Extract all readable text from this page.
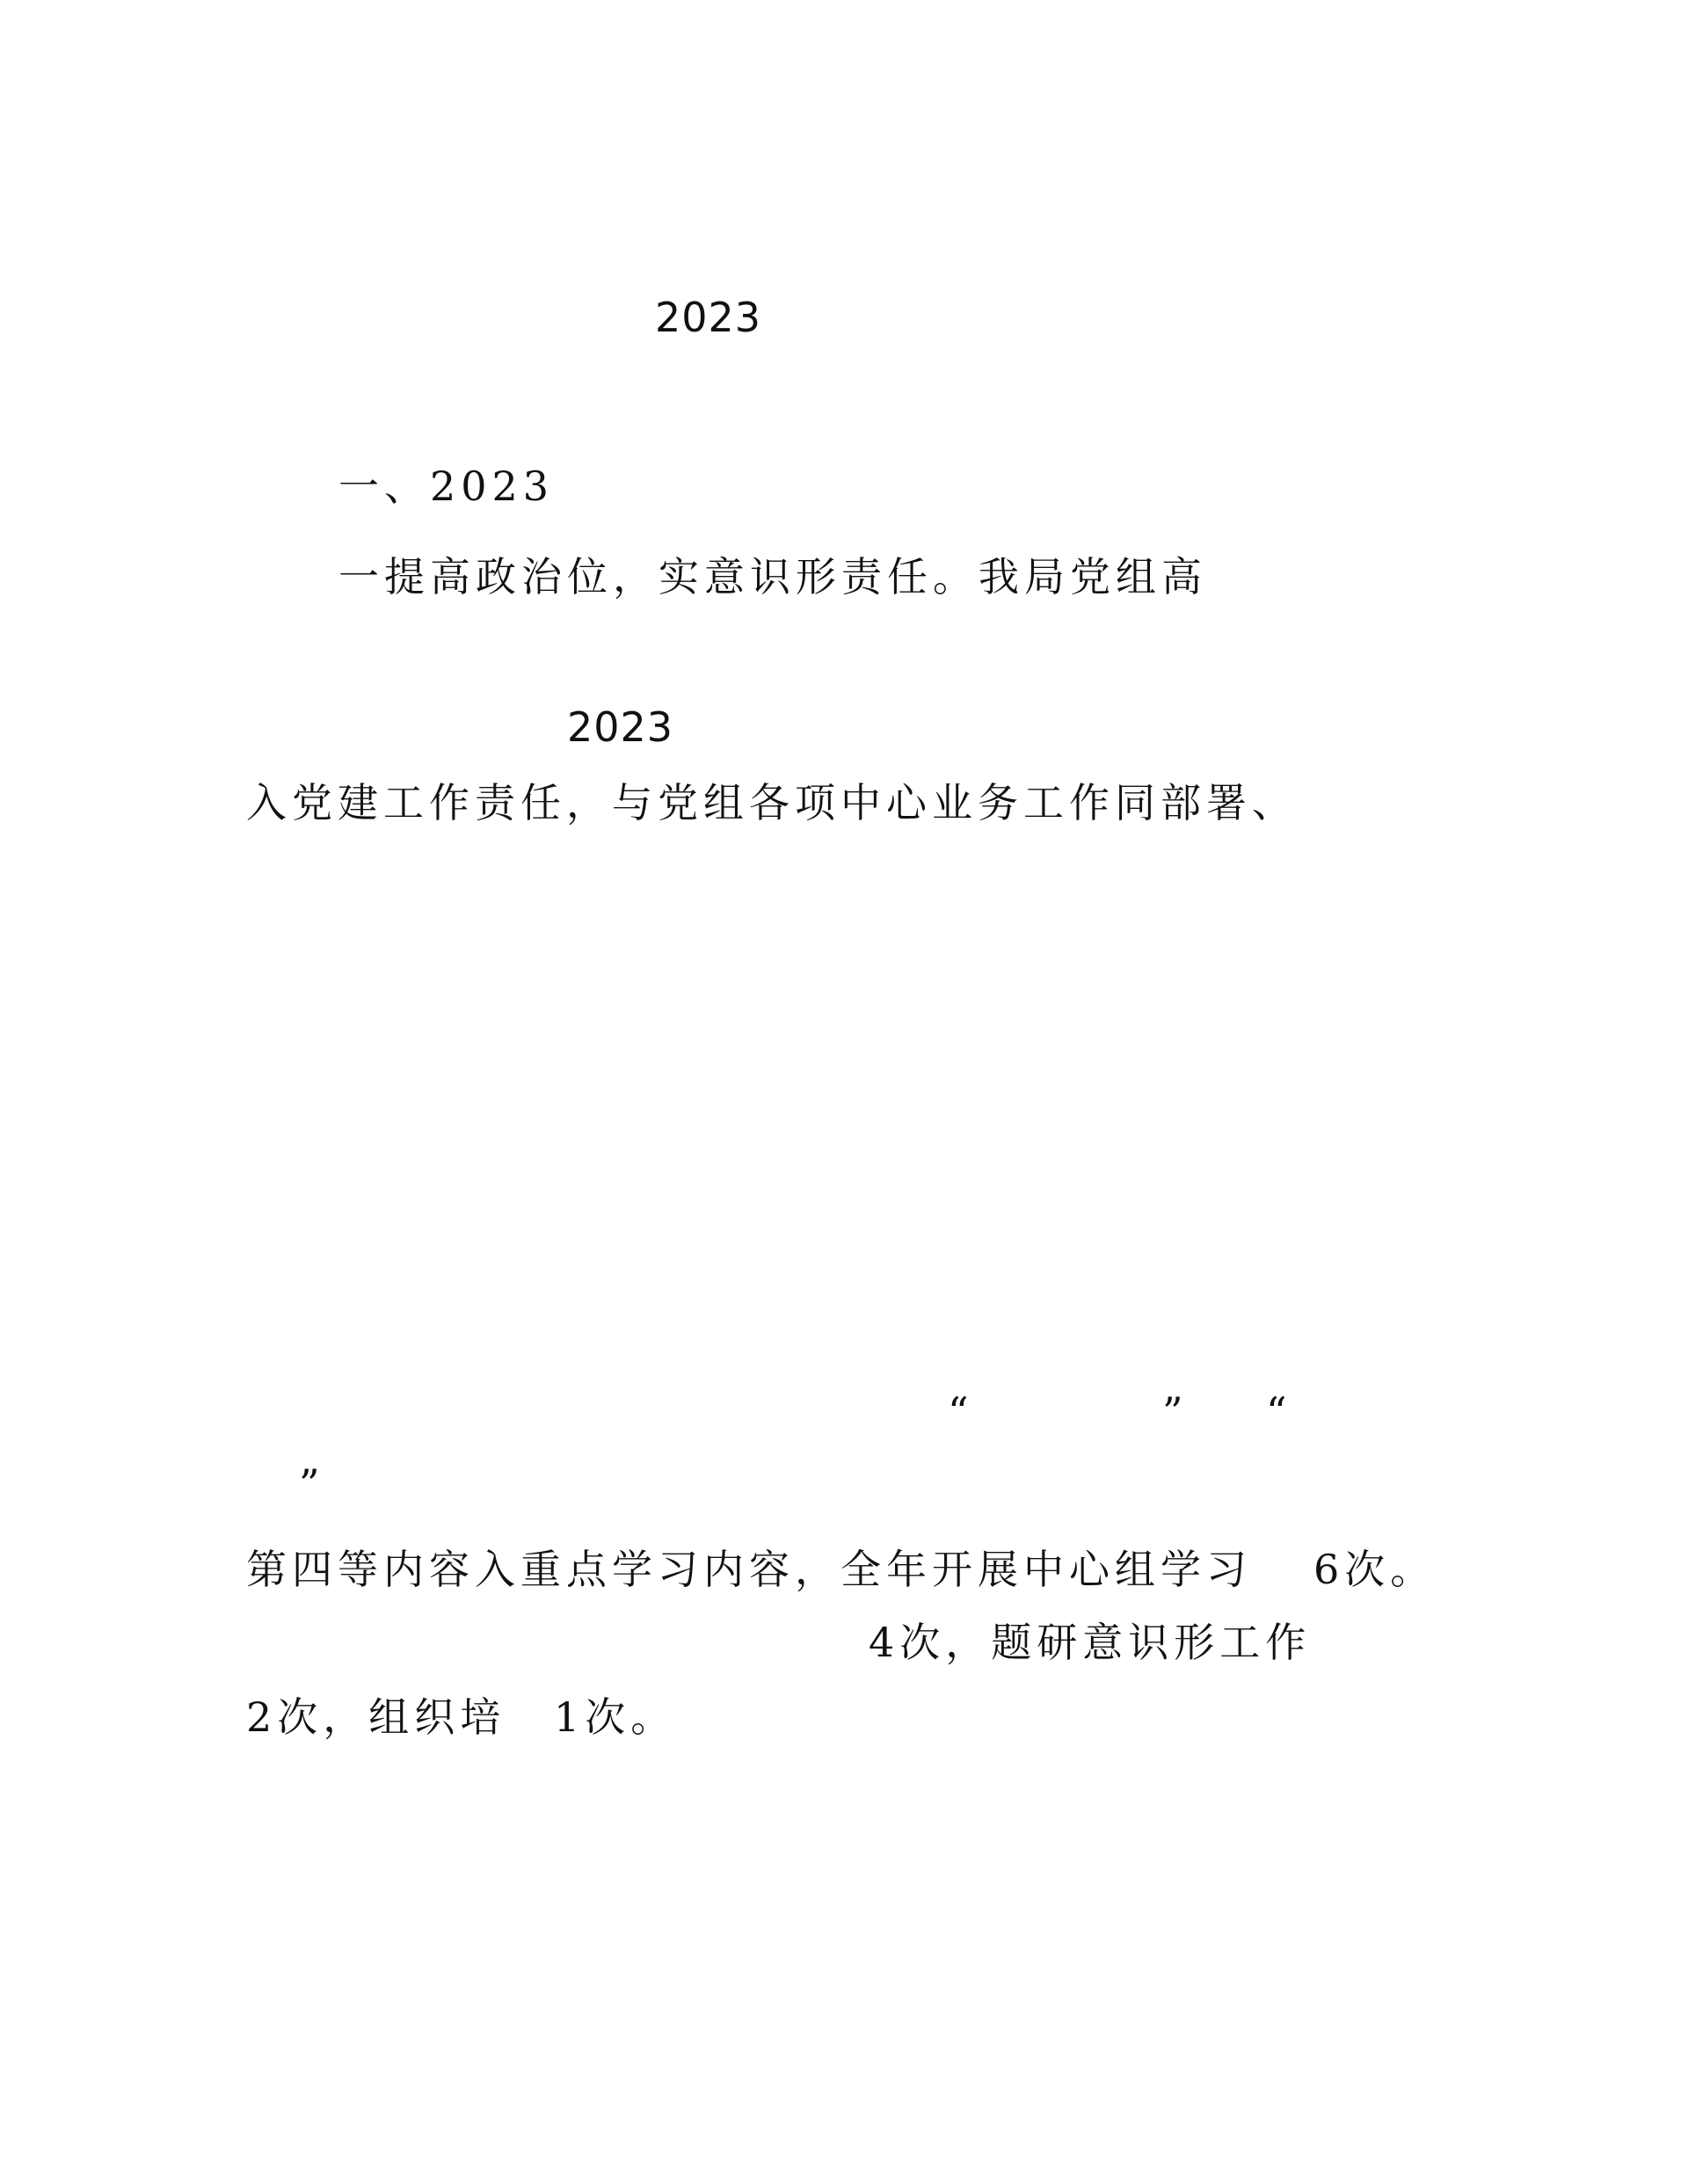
2023
一、2023
一提高政治位，实意识形责任。我局党组高
2023
入党建工作责任，与党组各项中心业务工作同部署、
“	” “
”
第四等内容入重点学习内容，全年开展中心组学习 6次。
4次，题研意识形工作
2次，组织培 1次。
